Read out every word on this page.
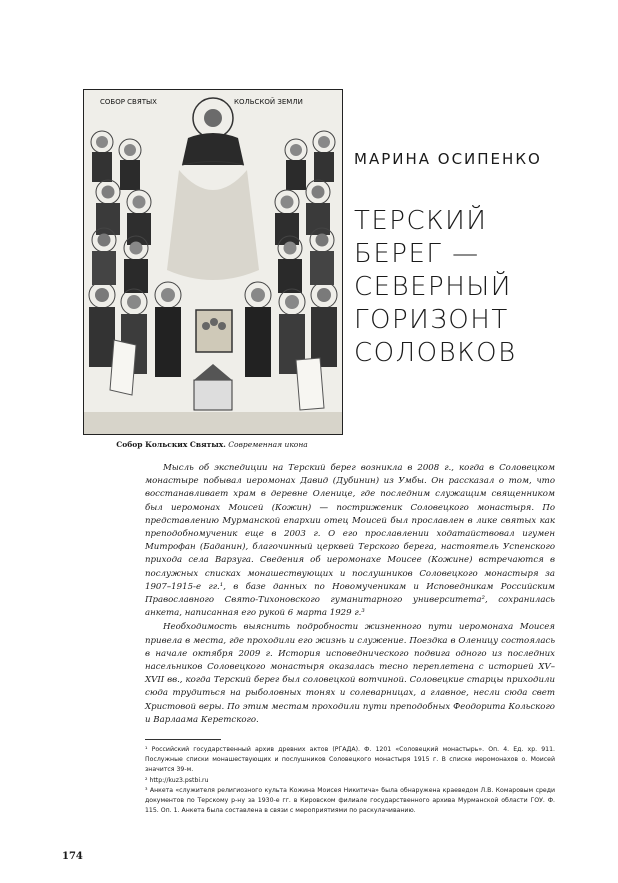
СОБОР СВЯТЫХ	КОЛЬСКОЙ ЗЕМЛИ
Собор Кольских Святых. Современная икона
МАРИНА ОСИПЕНКО
ТЕРСКИЙ
БЕРЕГ —
СЕВЕРНЫЙ
ГОРИЗОНТ
СОЛОВКОВ

Мысль об экспедиции на Терский берег возникла в 2008 г., когда в Соловецком монастыре побывал иеромонах Давид (Дубинин) из Умбы. Он рассказал о том, что восстанавливает храм в деревне Оленице, где последним служащим священником был иеромонах Моисей (Кожин) — постриженик Соловецкого монастыря. По представлению Мурманской епархии отец Моисей был прославлен в лике святых как преподобномученик еще в 2003 г. О его прославлении ходатайствовал игумен Митрофан (Баданин), благочинный церквей Терского берега, настоятель Успенского прихода села Варзуга. Сведения об иеромонахе Моисее (Кожине) встречаются в послужных списках монашествующих и послушников Соловецкого монастыря за 1907–1915-е гг.¹, в базе данных по Новомученикам и Исповедникам Российским Православного Свято-Тихоновского гуманитарного университета², сохранилась анкета, написанная его рукой 6 марта 1929 г.³

Необходимость выяснить подробности жизненного пути иеромонаха Моисея привела в места, где проходили его жизнь и служение. Поездка в Оленицу состоялась в начале октября 2009 г. История исповеднического подвига одного из последних насельников Соловецкого монастыря оказалась тесно переплетена с историей XV–XVII вв., когда Терский берег был соловецкой вотчиной. Соловецкие старцы приходили сюда трудиться на рыболовных тонях и солеварницах, а главное, несли сюда свет Христовой веры. По этим местам проходили пути преподобных Феодорита Кольского и Варлаама Керетского.

¹ Российский государственный архив древних актов (РГАДА). Ф. 1201 «Соловецкий монастырь». Оп. 4. Ед. хр. 911. Послужные списки монашествующих и послушников Соловецкого монастыря 1915 г. В списке иеромонахов о. Моисей значится 39-м.

² http://kuz3.pstbi.ru

³ Анкета «служителя религиозного культа Кожина Моисея Никитича» была обнаружена краеведом Л.В. Комаровым среди документов по Терскому р-ну за 1930-е гг. в Кировском филиале государственного архива Мурманской области ГОУ. Ф. 115. Оп. 1. Анкета была составлена в связи с мероприятиями по раскулачиванию.

174
